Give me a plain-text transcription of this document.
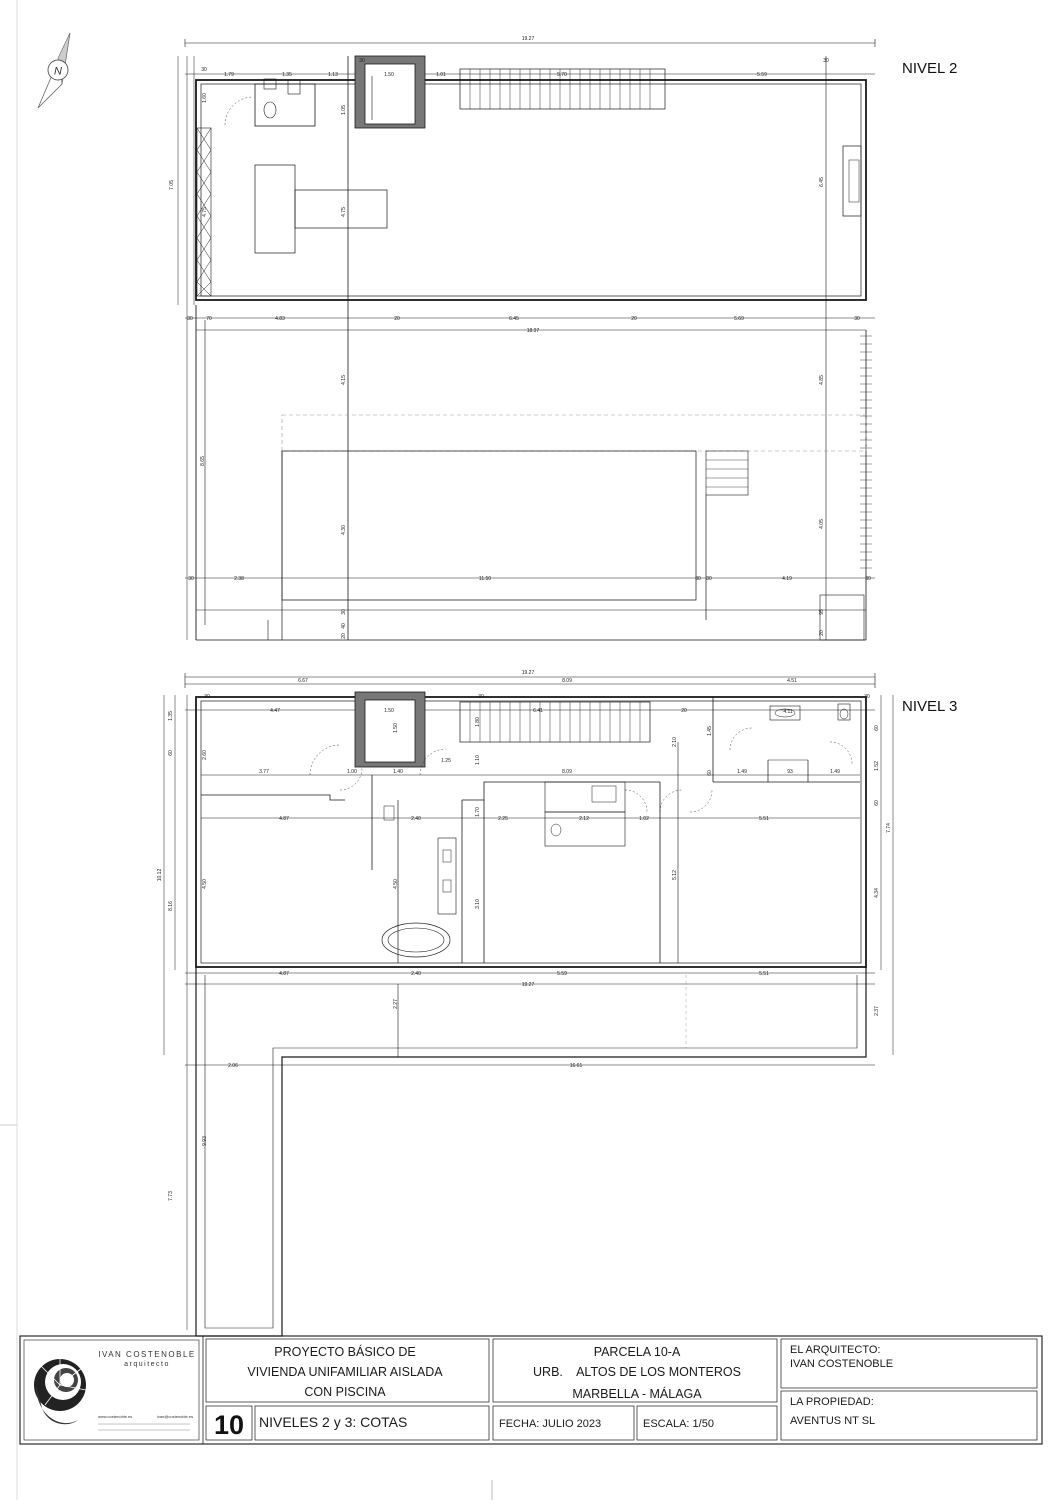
N
19.27
30
1.79	1.35	1.13
30
1.50	1.01	5.70	5.59
30
1.60
7.05
4.75
1.05
4.75
6.45
30	70	4.83	20	6.45	20	5.69	30
18.97
8.65
4.15
4.30
4.85
4.05
30	2.38	11.50	30 30	4.19	30
30
40
20
95
20
NIVEL 2
19.27
6.67	8.09	4.51
30
4.47	1.50
30
6.41	20	4.11
30
3.77	1.00	1.40
1.25
8.09	1.49	93	1.49
4.87	2.40	2.25	2.12	1.02	5.51
4.87	2.40	5.59	5.51
19.27
2.06	16.61
1.35
60	2.60
10.12
8.16
4.50
7.73
9.93
1.50
4.50
1.80
1.10
1.70
3.10
5.12
2.27
2.10
1.45
60
7.74
4.34
2.37
60
1.52
60
NIVEL 3
IVAN COSTENOBLE
arquitecto
www.costenoble.es	ivan@costenoble.es
PROYECTO BÁSICO DE
VIVIENDA UNIFAMILIAR AISLADA
CON PISCINA
PARCELA 10-A
URB.    ALTOS DE LOS MONTEROS
MARBELLA - MÁLAGA
EL ARQUITECTO:
IVAN COSTENOBLE
LA PROPIEDAD:
AVENTUS NT SL
10 NIVELES 2 y 3: COTAS	FECHA: JULIO 2023	ESCALA: 1/50
